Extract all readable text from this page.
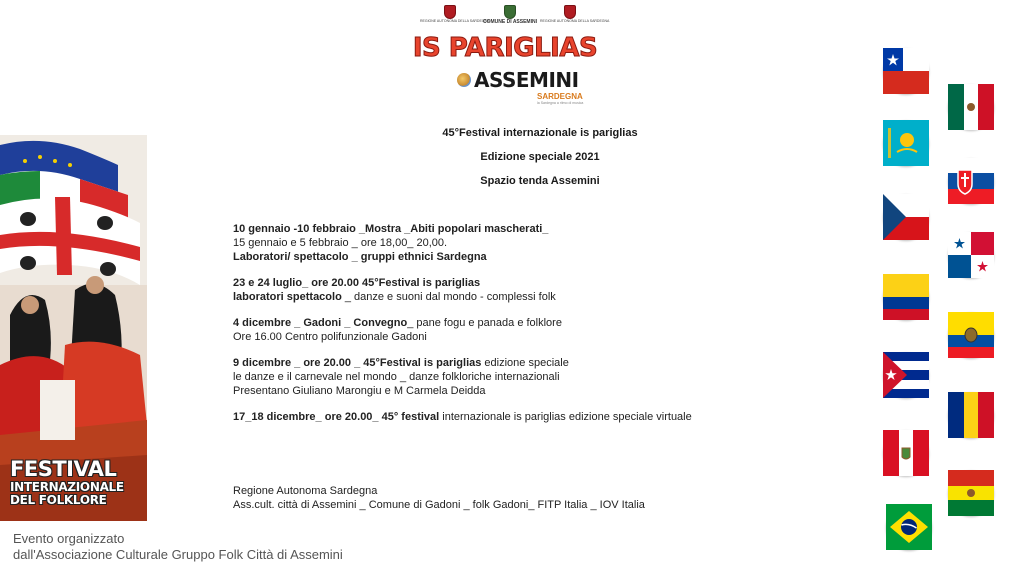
REGIONE AUTONOMA DELLA SARDEGNA
COMUNE DI ASSEMINI REGIONE AUTONOMA DELLA SARDEGNA
IS PARIGLIAS
ASSEMINI
SARDEGNA
la Sardegna a ritmo di musica
45°Festival internazionale is pariglias
Edizione speciale 2021
Spazio tenda Assemini
10 gennaio -10 febbraio _Mostra _Abiti popolari mascherati_
15 gennaio e 5 febbraio _ ore 18,00_ 20,00.
Laboratori/ spettacolo _ gruppi ethnici Sardegna
23 e 24 luglio_ ore 20.00 45°Festival is pariglias
laboratori spettacolo _ danze e suoni dal mondo - complessi folk
4 dicembre _ Gadoni _ Convegno_ pane fogu e panada e folklore
Ore 16.00 Centro polifunzionale Gadoni
9 dicembre _ ore 20.00 _ 45°Festival is pariglias edizione speciale
le danze e il carnevale nel mondo _ danze folkloriche internazionali
Presentano Giuliano Marongiu e M Carmela Deidda
17_18 dicembre_ ore 20.00_ 45° festival internazionale is pariglias edizione speciale virtuale
Regione Autonoma Sardegna
Ass.cult. città di Assemini _ Comune di Gadoni _ folk Gadoni_ FITP Italia _ IOV Italia
FESTIVAL
INTERNAZIONALE
DEL FOLKLORE
Evento organizzato
dall'Associazione Culturale Gruppo Folk Città di Assemini
